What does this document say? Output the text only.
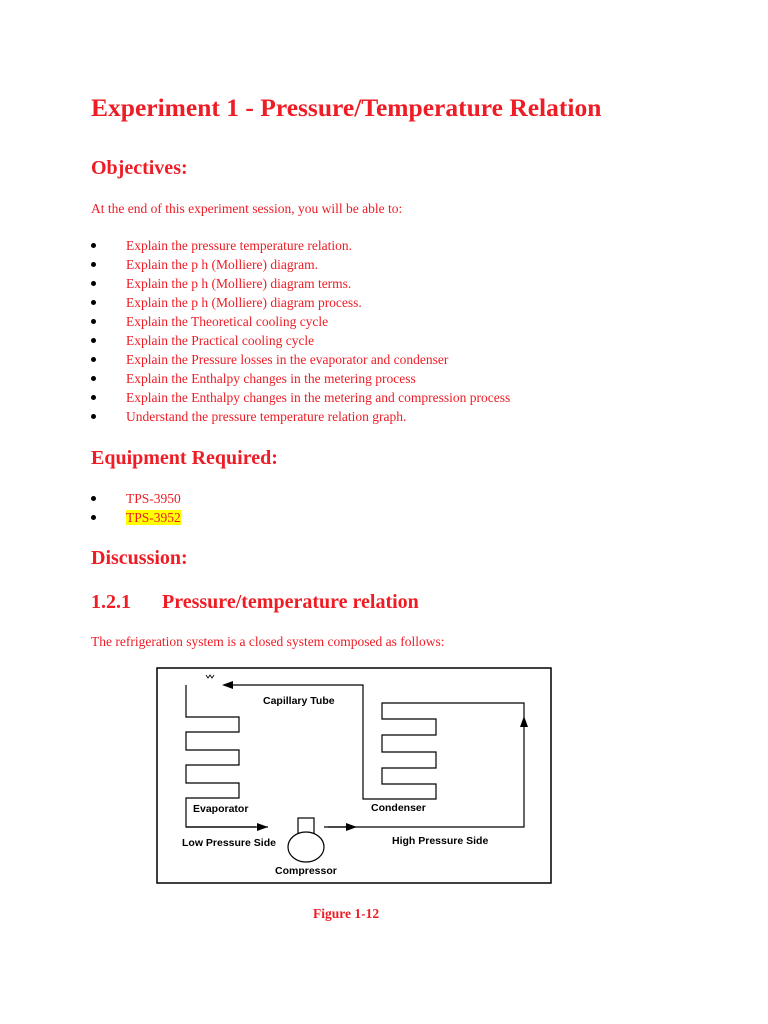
Experiment 1 - Pressure/Temperature Relation
Objectives:

At the end of this experiment session, you will be able to:

Explain the pressure temperature relation.
Explain the p h (Molliere) diagram.
Explain the p h (Molliere) diagram terms.
Explain the p h (Molliere) diagram process.
Explain the Theoretical cooling cycle
Explain the Practical cooling cycle
Explain the Pressure losses in the evaporator and condenser
Explain the Enthalpy changes in the metering process
Explain the Enthalpy changes in the metering and compression process
Understand the pressure temperature relation graph.
Equipment Required:
TPS-3950
TPS-3952
Discussion:
1.2.1 Pressure/temperature relation

The refrigeration system is a closed system composed as follows:

Capillary Tube
Evaporator	Condenser
Low Pressure Side	High Pressure Side
Compressor

Figure 1-12
